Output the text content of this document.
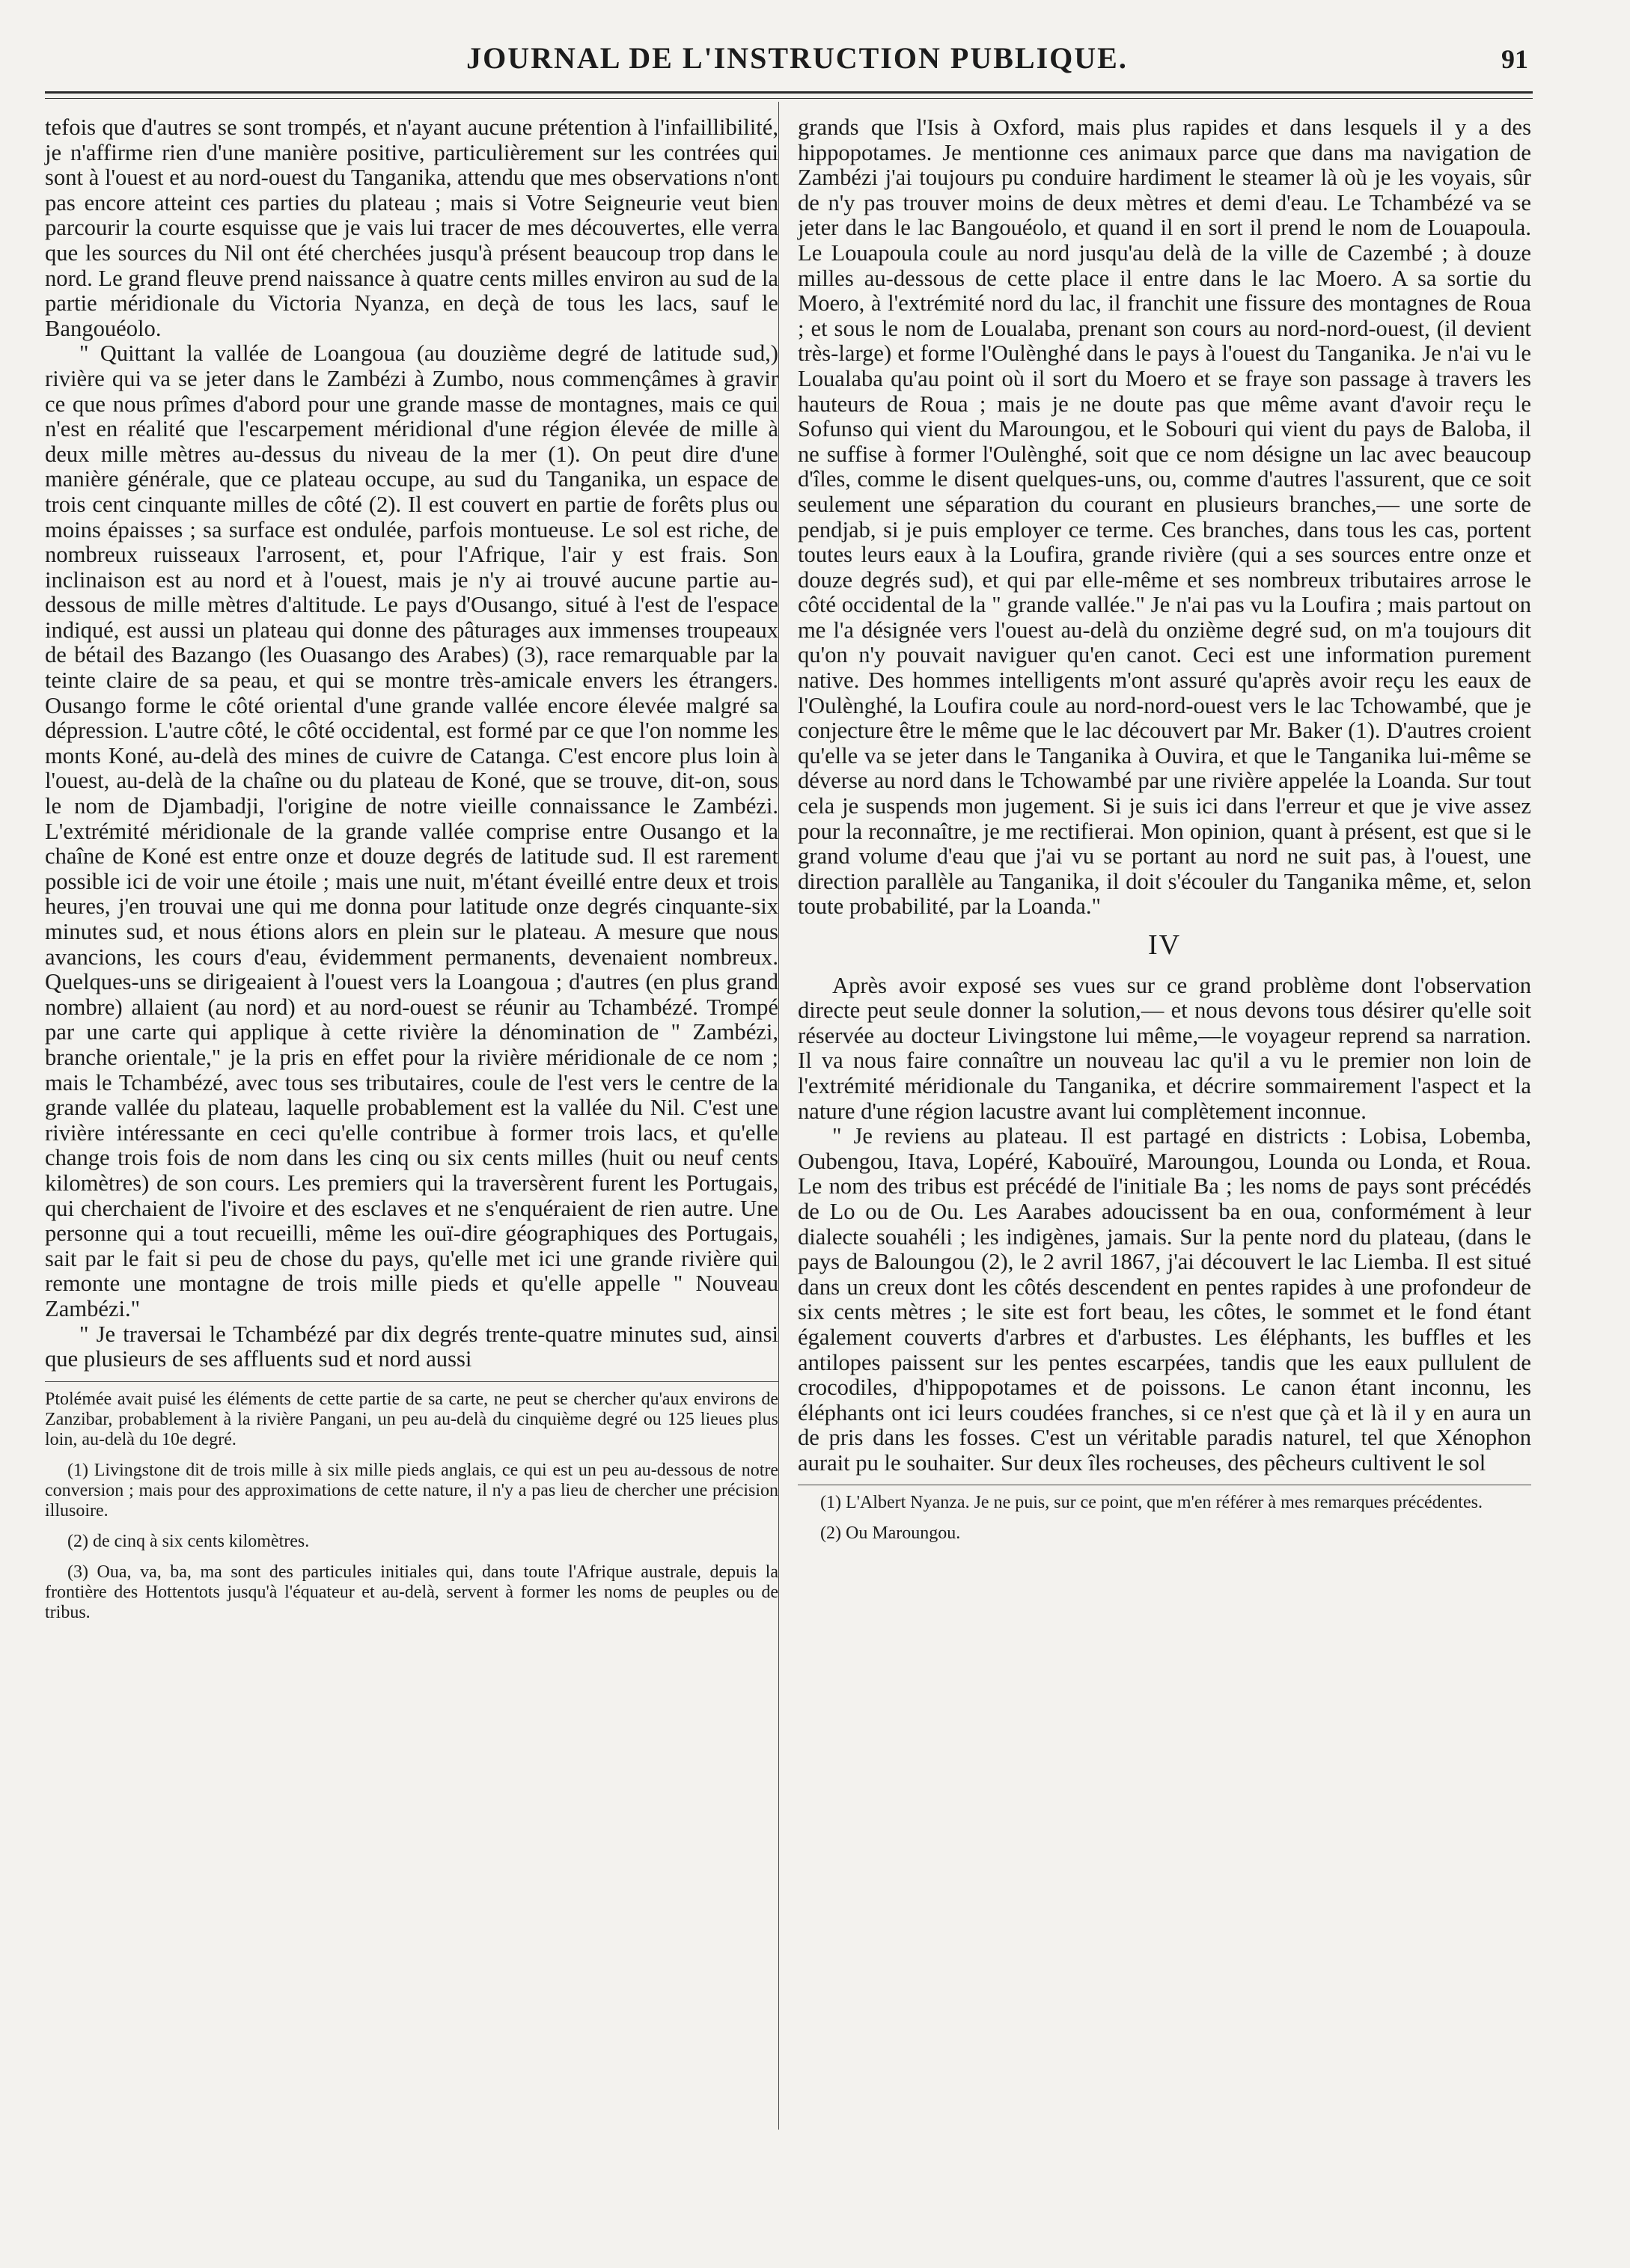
JOURNAL DE L'INSTRUCTION PUBLIQUE.	91

tefois que d'autres se sont trompés, et n'ayant aucune prétention à l'infaillibilité, je n'affirme rien d'une manière positive, particulièrement sur les contrées qui sont à l'ouest et au nord-ouest du Tanganika, attendu que mes observations n'ont pas encore atteint ces parties du plateau ; mais si Votre Seigneurie veut bien parcourir la courte esquisse que je vais lui tracer de mes découvertes, elle verra que les sources du Nil ont été cherchées jusqu'à présent beaucoup trop dans le nord. Le grand fleuve prend naissance à quatre cents milles environ au sud de la partie méridionale du Victoria Nyanza, en deçà de tous les lacs, sauf le Bangouéolo.

" Quittant la vallée de Loangoua (au douzième degré de latitude sud,) rivière qui va se jeter dans le Zambézi à Zumbo, nous commençâmes à gravir ce que nous prîmes d'abord pour une grande masse de montagnes, mais ce qui n'est en réalité que l'escarpement méridional d'une région élevée de mille à deux mille mètres au-dessus du niveau de la mer (1). On peut dire d'une manière générale, que ce plateau occupe, au sud du Tanganika, un espace de trois cent cinquante milles de côté (2). Il est couvert en partie de forêts plus ou moins épaisses ; sa surface est ondulée, parfois montueuse. Le sol est riche, de nombreux ruisseaux l'arrosent, et, pour l'Afrique, l'air y est frais. Son inclinaison est au nord et à l'ouest, mais je n'y ai trouvé aucune partie au-dessous de mille mètres d'altitude. Le pays d'Ousango, situé à l'est de l'espace indiqué, est aussi un plateau qui donne des pâturages aux immenses troupeaux de bétail des Bazango (les Ouasango des Arabes) (3), race remarquable par la teinte claire de sa peau, et qui se montre très-amicale envers les étrangers. Ousango forme le côté oriental d'une grande vallée encore élevée malgré sa dépression. L'autre côté, le côté occidental, est formé par ce que l'on nomme les monts Koné, au-delà des mines de cuivre de Catanga. C'est encore plus loin à l'ouest, au-delà de la chaîne ou du plateau de Koné, que se trouve, dit-on, sous le nom de Djambadji, l'origine de notre vieille connaissance le Zambézi. L'extrémité méridionale de la grande vallée comprise entre Ousango et la chaîne de Koné est entre onze et douze degrés de latitude sud. Il est rarement possible ici de voir une étoile ; mais une nuit, m'étant éveillé entre deux et trois heures, j'en trouvai une qui me donna pour latitude onze degrés cinquante-six minutes sud, et nous étions alors en plein sur le plateau. A mesure que nous avancions, les cours d'eau, évidemment permanents, devenaient nombreux. Quelques-uns se dirigeaient à l'ouest vers la Loangoua ; d'autres (en plus grand nombre) allaient (au nord) et au nord-ouest se réunir au Tchambézé. Trompé par une carte qui applique à cette rivière la dénomination de " Zambézi, branche orientale," je la pris en effet pour la rivière méridionale de ce nom ; mais le Tchambézé, avec tous ses tributaires, coule de l'est vers le centre de la grande vallée du plateau, laquelle probablement est la vallée du Nil. C'est une rivière intéressante en ceci qu'elle contribue à former trois lacs, et qu'elle change trois fois de nom dans les cinq ou six cents milles (huit ou neuf cents kilomètres) de son cours. Les premiers qui la traversèrent furent les Portugais, qui cherchaient de l'ivoire et des esclaves et ne s'enquéraient de rien autre. Une personne qui a tout recueilli, même les ouï-dire géographiques des Portugais, sait par le fait si peu de chose du pays, qu'elle met ici une grande rivière qui remonte une montagne de trois mille pieds et qu'elle appelle " Nouveau Zambézi."

" Je traversai le Tchambézé par dix degrés trente-quatre minutes sud, ainsi que plusieurs de ses affluents sud et nord aussi

Ptolémée avait puisé les éléments de cette partie de sa carte, ne peut se chercher qu'aux environs de Zanzibar, probablement à la rivière Pangani, un peu au-delà du cinquième degré ou 125 lieues plus loin, au-delà du 10e degré.

(1) Livingstone dit de trois mille à six mille pieds anglais, ce qui est un peu au-dessous de notre conversion ; mais pour des approximations de cette nature, il n'y a pas lieu de chercher une précision illusoire.

(2) de cinq à six cents kilomètres.

(3) Oua, va, ba, ma sont des particules initiales qui, dans toute l'Afrique australe, depuis la frontière des Hottentots jusqu'à l'équateur et au-delà, servent à former les noms de peuples ou de tribus.

grands que l'Isis à Oxford, mais plus rapides et dans lesquels il y a des hippopotames. Je mentionne ces animaux parce que dans ma navigation de Zambézi j'ai toujours pu conduire hardiment le steamer là où je les voyais, sûr de n'y pas trouver moins de deux mètres et demi d'eau. Le Tchambézé va se jeter dans le lac Bangouéolo, et quand il en sort il prend le nom de Louapoula. Le Louapoula coule au nord jusqu'au delà de la ville de Cazembé ; à douze milles au-dessous de cette place il entre dans le lac Moero. A sa sortie du Moero, à l'extrémité nord du lac, il franchit une fissure des montagnes de Roua ; et sous le nom de Loualaba, prenant son cours au nord-nord-ouest, (il devient très-large) et forme l'Oulènghé dans le pays à l'ouest du Tanganika. Je n'ai vu le Loualaba qu'au point où il sort du Moero et se fraye son passage à travers les hauteurs de Roua ; mais je ne doute pas que même avant d'avoir reçu le Sofunso qui vient du Maroungou, et le Sobouri qui vient du pays de Baloba, il ne suffise à former l'Oulènghé, soit que ce nom désigne un lac avec beaucoup d'îles, comme le disent quelques-uns, ou, comme d'autres l'assurent, que ce soit seulement une séparation du courant en plusieurs branches,— une sorte de pendjab, si je puis employer ce terme. Ces branches, dans tous les cas, portent toutes leurs eaux à la Loufira, grande rivière (qui a ses sources entre onze et douze degrés sud), et qui par elle-même et ses nombreux tributaires arrose le côté occidental de la " grande vallée." Je n'ai pas vu la Loufira ; mais partout on me l'a désignée vers l'ouest au-delà du onzième degré sud, on m'a toujours dit qu'on n'y pouvait naviguer qu'en canot. Ceci est une information purement native. Des hommes intelligents m'ont assuré qu'après avoir reçu les eaux de l'Oulènghé, la Loufira coule au nord-nord-ouest vers le lac Tchowambé, que je conjecture être le même que le lac découvert par Mr. Baker (1). D'autres croient qu'elle va se jeter dans le Tanganika à Ouvira, et que le Tanganika lui-même se déverse au nord dans le Tchowambé par une rivière appelée la Loanda. Sur tout cela je suspends mon jugement. Si je suis ici dans l'erreur et que je vive assez pour la reconnaître, je me rectifierai. Mon opinion, quant à présent, est que si le grand volume d'eau que j'ai vu se portant au nord ne suit pas, à l'ouest, une direction parallèle au Tanganika, il doit s'écouler du Tanganika même, et, selon toute probabilité, par la Loanda."

IV

Après avoir exposé ses vues sur ce grand problème dont l'observation directe peut seule donner la solution,— et nous devons tous désirer qu'elle soit réservée au docteur Livingstone lui même,—le voyageur reprend sa narration. Il va nous faire connaître un nouveau lac qu'il a vu le premier non loin de l'extrémité méridionale du Tanganika, et décrire sommairement l'aspect et la nature d'une région lacustre avant lui complètement inconnue.

" Je reviens au plateau. Il est partagé en districts : Lobisa, Lobemba, Oubengou, Itava, Lopéré, Kabouïré, Maroungou, Lounda ou Londa, et Roua. Le nom des tribus est précédé de l'initiale Ba ; les noms de pays sont précédés de Lo ou de Ou. Les Aarabes adoucissent ba en oua, conformément à leur dialecte souahéli ; les indigènes, jamais. Sur la pente nord du plateau, (dans le pays de Baloungou (2), le 2 avril 1867, j'ai découvert le lac Liemba. Il est situé dans un creux dont les côtés descendent en pentes rapides à une profondeur de six cents mètres ; le site est fort beau, les côtes, le sommet et le fond étant également couverts d'arbres et d'arbustes. Les éléphants, les buffles et les antilopes paissent sur les pentes escarpées, tandis que les eaux pullulent de crocodiles, d'hippopotames et de poissons. Le canon étant inconnu, les éléphants ont ici leurs coudées franches, si ce n'est que çà et là il y en aura un de pris dans les fosses. C'est un véritable paradis naturel, tel que Xénophon aurait pu le souhaiter. Sur deux îles rocheuses, des pêcheurs cultivent le sol

(1) L'Albert Nyanza. Je ne puis, sur ce point, que m'en référer à mes remarques précédentes.

(2) Ou Maroungou.
